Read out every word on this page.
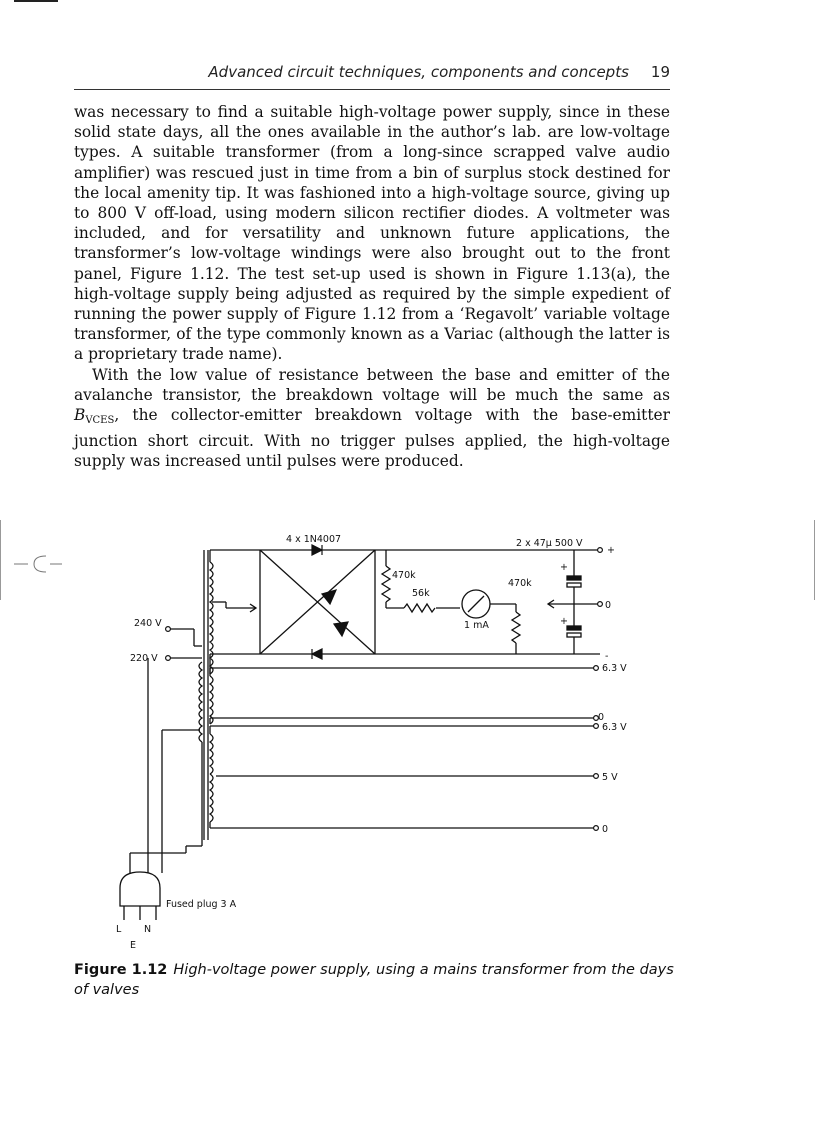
Advanced circuit techniques, components and concepts 19

was necessary to find a suitable high-voltage power supply, since in these solid state days, all the ones available in the author’s lab. are low-voltage types. A suitable transformer (from a long-since scrapped valve audio amplifier) was rescued just in time from a bin of surplus stock destined for the local amenity tip. It was fashioned into a high-voltage source, giving up to 800 V off-load, using modern silicon rectifier diodes. A voltmeter was included, and for versatility and unknown future applications, the transformer’s low-voltage windings were also brought out to the front panel, Figure 1.12. The test set-up used is shown in Figure 1.13(a), the high-voltage supply being adjusted as required by the simple expedient of running the power supply of Figure 1.12 from a ‘Regavolt’ variable voltage transformer, of the type commonly known as a Variac (although the latter is a proprietary trade name).

With the low value of resistance between the base and emitter of the avalanche transistor, the breakdown voltage will be much the same as $B_{VCES}$, the collector-emitter breakdown voltage with the base-emitter junction short circuit. With no trigger pulses applied, the high-voltage supply was increased until pulses were produced.

4 x 1N4007	2 x 47μ 500 V
+
+
+
-
0
470k
56k
470k
1 mA
240 V
220 V
6.3 V
0
6.3 V
5 V
0
Fused plug 3 A
L N
E
Figure 1.12 High-voltage power supply, using a mains transformer from the days of valves
